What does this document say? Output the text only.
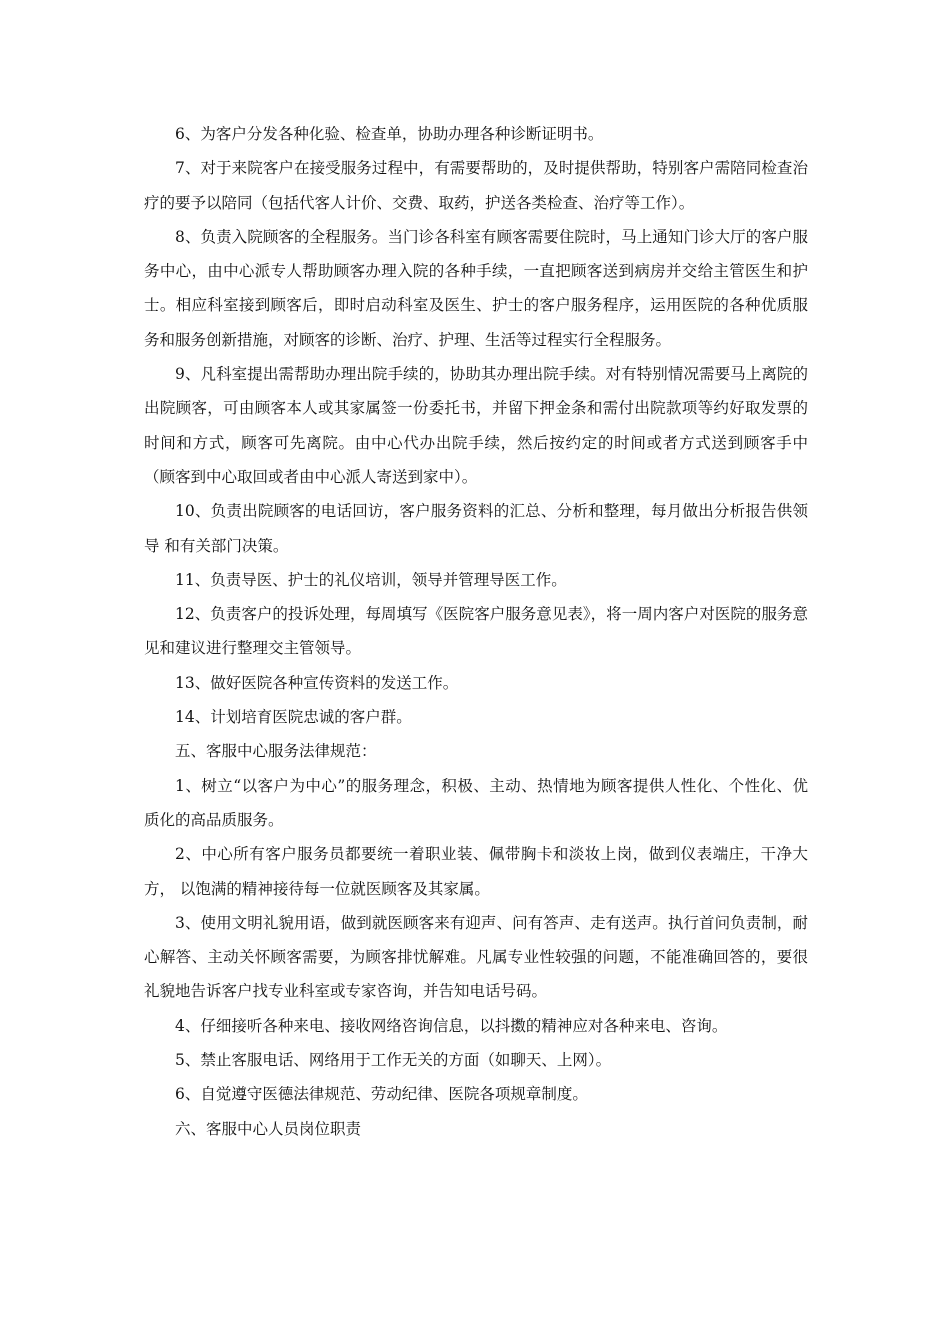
6、为客户分发各种化验、检查单，协助办理各种诊断证明书。

7、对于来院客户在接受服务过程中，有需要帮助的，及时提供帮助，特别客户需陪同检查治 疗的要予以陪同（包括代客人计价、交费、取药，护送各类检查、治疗等工作）。

8、负责入院顾客的全程服务。当门诊各科室有顾客需要住院时，马上通知门诊大厅的客户服务中心，由中心派专人帮助顾客办理入院的各种手续，一直把顾客送到病房并交给主管医生和护士。相应科室接到顾客后，即时启动科室及医生、护士的客户服务程序，运用医院的各种优质服务和服务创新措施，对顾客的诊断、治疗、护理、生活等过程实行全程服务。

9、凡科室提出需帮助办理出院手续的，协助其办理出院手续。对有特别情况需要马上离院的出院顾客，可由顾客本人或其家属签一份委托书，并留下押金条和需付出院款项等约好取发票的时间和方式，顾客可先离院。由中心代办出院手续，然后按约定的时间或者方式送到顾客手中（顾客到中心取回或者由中心派人寄送到家中）。

10、负责出院顾客的电话回访，客户服务资料的汇总、分析和整理，每月做出分析报告供领导 和有关部门决策。

11、负责导医、护士的礼仪培训，领导并管理导医工作。

12、负责客户的投诉处理，每周填写《医院客户服务意见表》，将一周内客户对医院的服务意见和建议进行整理交主管领导。

13、做好医院各种宣传资料的发送工作。

14、计划培育医院忠诚的客户群。

五、客服中心服务法律规范：

1、树立“以客户为中心”的服务理念，积极、主动、热情地为顾客提供人性化、个性化、优 质化的高品质服务。

2、中心所有客户服务员都要统一着职业装、佩带胸卡和淡妆上岗，做到仪表端庄，干净大方， 以饱满的精神接待每一位就医顾客及其家属。

3、使用文明礼貌用语，做到就医顾客来有迎声、问有答声、走有送声。执行首问负责制，耐 心解答、主动关怀顾客需要，为顾客排忧解难。凡属专业性较强的问题，不能准确回答的，要很礼貌地告诉客户找专业科室或专家咨询，并告知电话号码。

4、仔细接听各种来电、接收网络咨询信息，以抖擞的精神应对各种来电、咨询。

5、禁止客服电话、网络用于工作无关的方面（如聊天、上网）。

6、自觉遵守医德法律规范、劳动纪律、医院各项规章制度。

六、客服中心人员岗位职责
